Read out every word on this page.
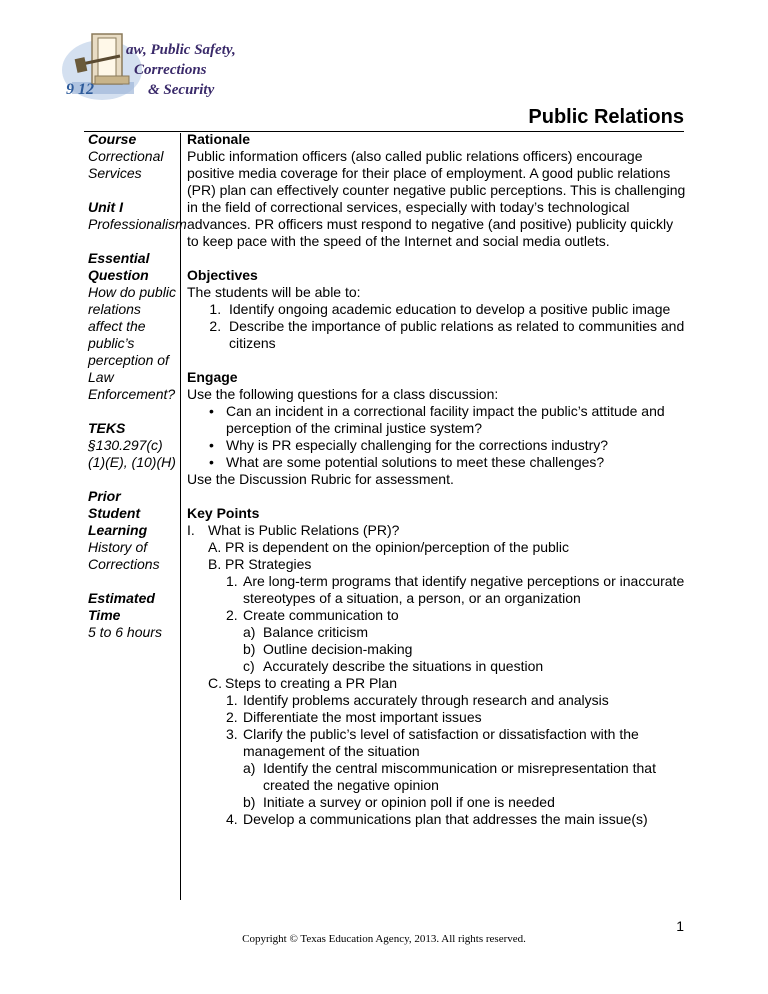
9 12
aw, Public Safety,
Corrections
& Security
Public Relations
Course
Correctional Services
Unit I
Professionalism
Essential Question
How do public relations affect the public’s perception of Law Enforcement?
TEKS
§130.297(c) (1)(E), (10)(H)
Prior Student Learning
History of Corrections
Estimated Time
5 to 6 hours
Rationale

Public information officers (also called public relations officers) encourage positive media coverage for their place of employment. A good public relations (PR) plan can effectively counter negative public perceptions. This is challenging in the field of correctional services, especially with today’s technological advances. PR officers must respond to negative (and positive) publicity quickly to keep pace with the speed of the Internet and social media outlets.

Objectives

The students will be able to:

1. Identify ongoing academic education to develop a positive public image
2. Describe the importance of public relations as related to communities and citizens
Engage

Use the following questions for a class discussion:

• Can an incident in a correctional facility impact the public’s attitude and perception of the criminal justice system?
• Why is PR especially challenging for the corrections industry?
• What are some potential solutions to meet these challenges?

Use the Discussion Rubric for assessment.

Key Points
I. What is Public Relations (PR)?
A. PR is dependent on the opinion/perception of the public
B. PR Strategies
1. Are long-term programs that identify negative perceptions or inaccurate stereotypes of a situation, a person, or an organization
2. Create communication to
a) Balance criticism
b) Outline decision-making
c) Accurately describe the situations in question
C. Steps to creating a PR Plan
1. Identify problems accurately through research and analysis
2. Differentiate the most important issues
3. Clarify the public’s level of satisfaction or dissatisfaction with the management of the situation
a) Identify the central miscommunication or misrepresentation that created the negative opinion
b) Initiate a survey or opinion poll if one is needed
4. Develop a communications plan that addresses the main issue(s)
1
Copyright © Texas Education Agency, 2013. All rights reserved.
